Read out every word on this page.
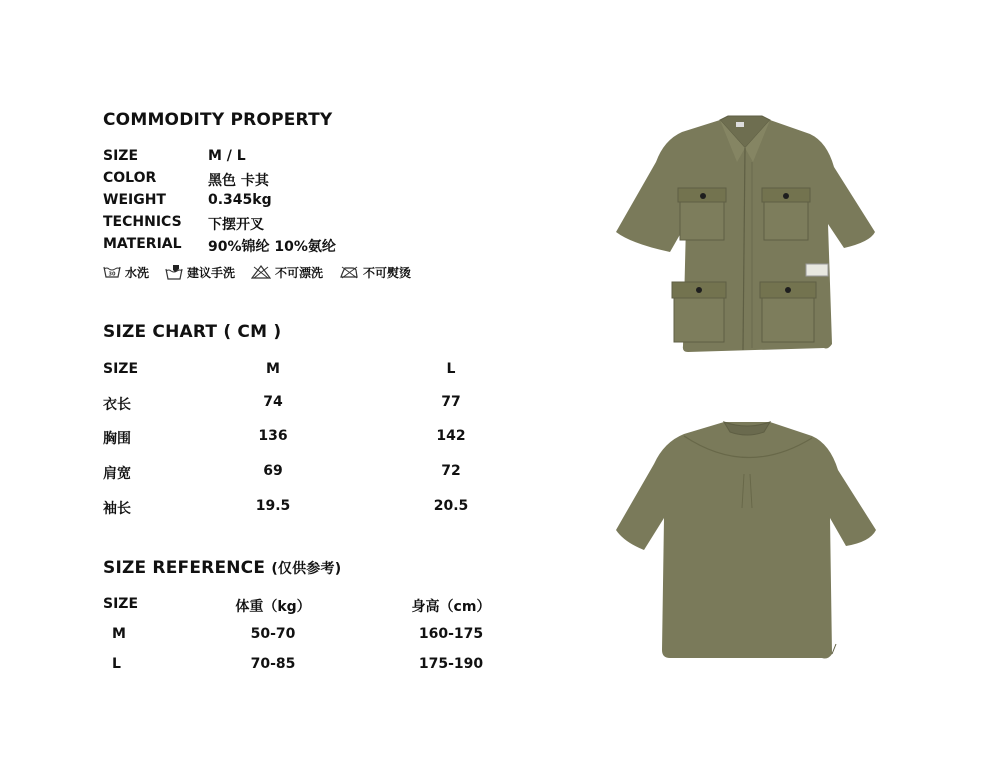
COMMODITY PROPERTY
SIZE	M / L
COLOR	黑色 卡其
WEIGHT	0.345kg
TECHNICS 下摆开叉
MATERIAL 90%锦纶 10%氨纶
30 水洗	建议手洗	不可漂洗	不可熨烫
SIZE CHART ( CM )
SIZE	M	L
衣长	74	77
胸围	136	142
肩宽	69	72
袖长	19.5	20.5
SIZE REFERENCE (仅供参考)
SIZE	体重（kg）	身高（cm）
M	50-70	160-175
L	70-85	175-190
